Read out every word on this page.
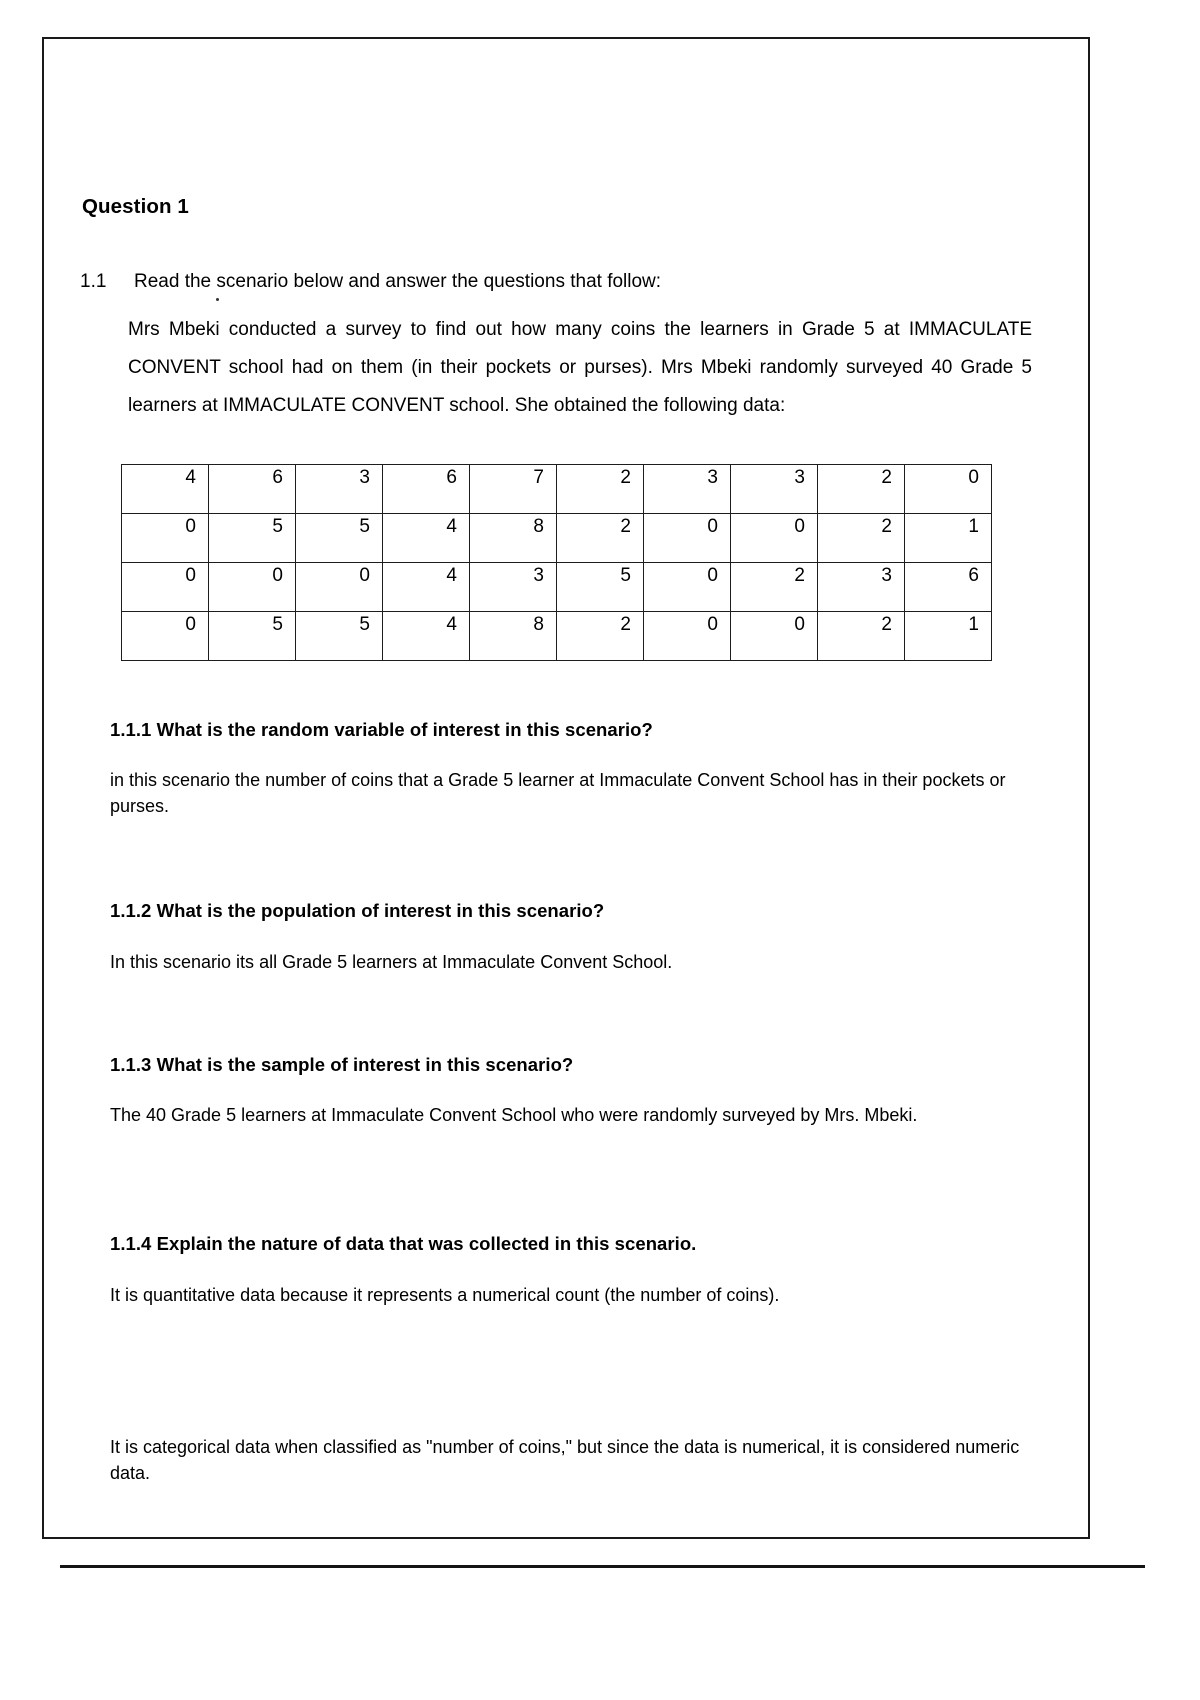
Question 1
1.1 Read the scenario below and answer the questions that follow:

Mrs Mbeki conducted a survey to find out how many coins the learners in Grade 5 at IMMACULATE CONVENT school had on them (in their pockets or purses). Mrs Mbeki randomly surveyed 40 Grade 5 learners at IMMACULATE CONVENT school. She obtained the following data:

4	6	3	6	7	2	3	3	2	0
0	5	5	4	8	2	0	0	2	1
0	0	0	4	3	5	0	2	3	6
0	5	5	4	8	2	0	0	2	1
1.1.1 What is the random variable of interest in this scenario?

in this scenario the number of coins that a Grade 5 learner at Immaculate Convent School has in their pockets or purses.

1.1.2 What is the population of interest in this scenario?

In this scenario its all Grade 5 learners at Immaculate Convent School.

1.1.3 What is the sample of interest in this scenario?

The 40 Grade 5 learners at Immaculate Convent School who were randomly surveyed by Mrs. Mbeki.

1.1.4 Explain the nature of data that was collected in this scenario.

It is quantitative data because it represents a numerical count (the number of coins).

It is categorical data when classified as "number of coins," but since the data is numerical, it is considered numeric data.
